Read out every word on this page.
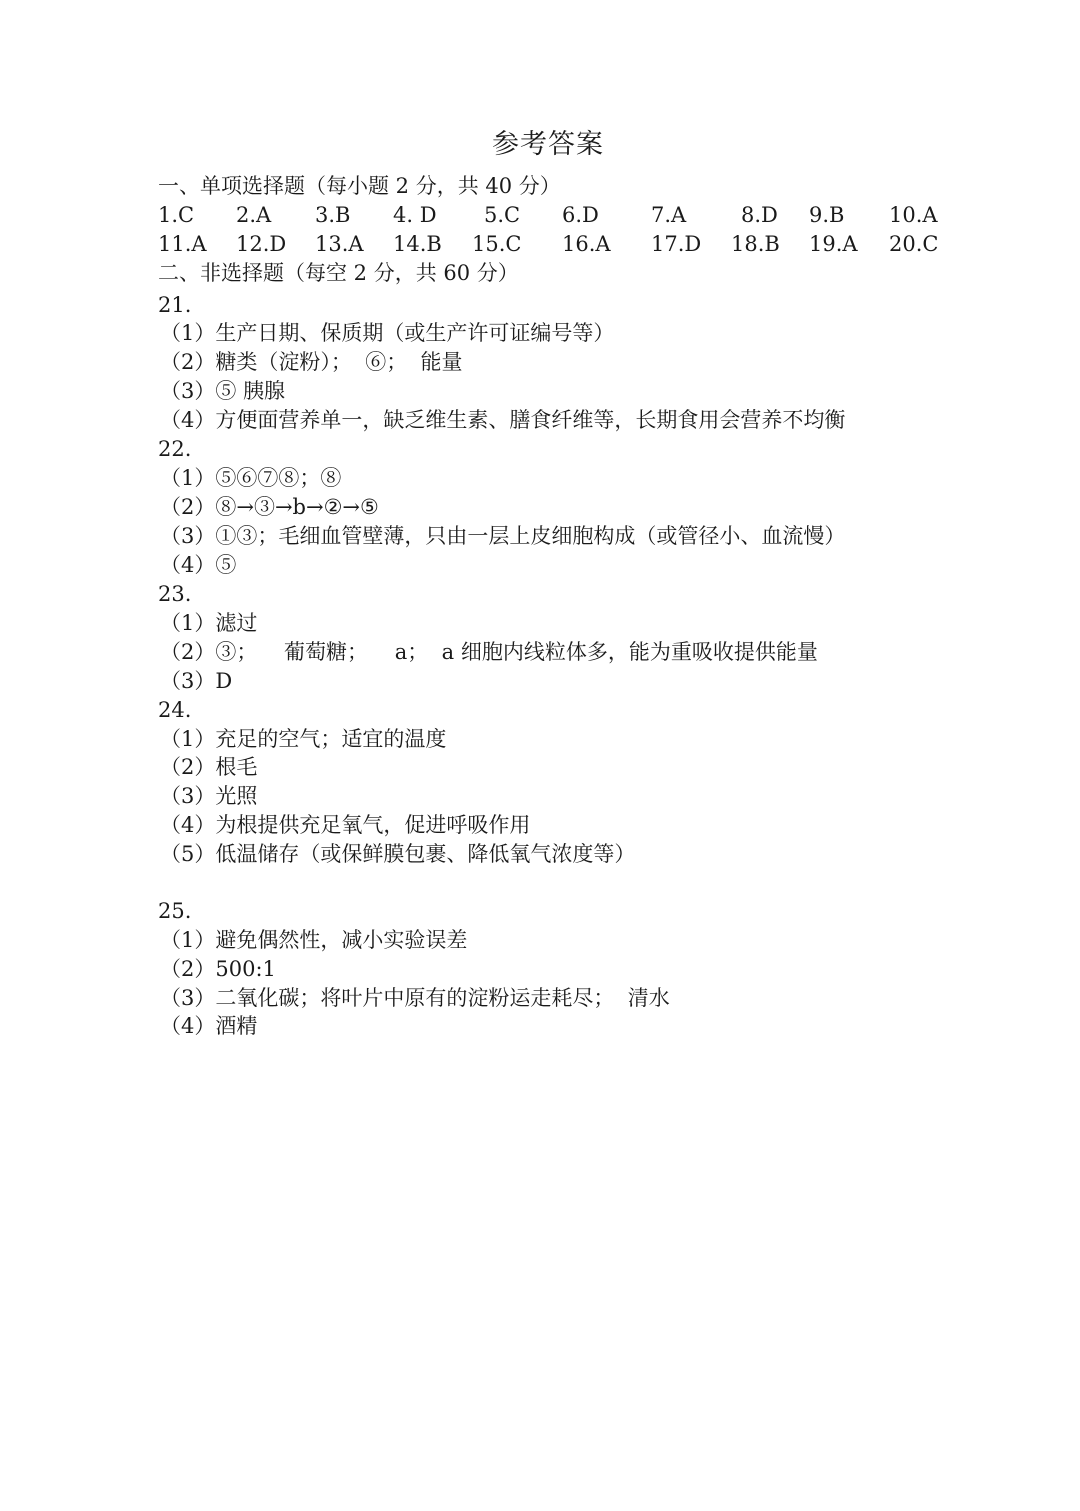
参考答案
一、单项选择题（每小题 2 分，共 40 分）
1.C 2.A 3.B 4. D 5.C 6.D 7.A	8.D 9.B 10.A
11.A 12.D 13.A 14.B 15.C 16.A 17.D 18.B 19.A 20.C
二、非选择题（每空 2 分，共 60 分）
21.
（1）生产日期、保质期（或生产许可证编号等）
（2）糖类（淀粉）；  ⑥；  能量
（3）⑤ 胰腺
（4）方便面营养单一，缺乏维生素、膳食纤维等，长期食用会营养不均衡
22.
（1）⑤⑥⑦⑧；⑧
（2）⑧→③→b→②→⑤
（3）①③；毛细血管壁薄，只由一层上皮细胞构成（或管径小、血流慢）
（4）⑤
23.
（1）滤过
（2）③；    葡萄糖；    a；  a 细胞内线粒体多，能为重吸收提供能量
（3）D
24.
（1）充足的空气；适宜的温度
（2）根毛
（3）光照
（4）为根提供充足氧气，促进呼吸作用
（5）低温储存（或保鲜膜包裹、降低氧气浓度等）
25.
（1）避免偶然性，减小实验误差
（2）500:1
（3）二氧化碳；将叶片中原有的淀粉运走耗尽；  清水
（4）酒精
